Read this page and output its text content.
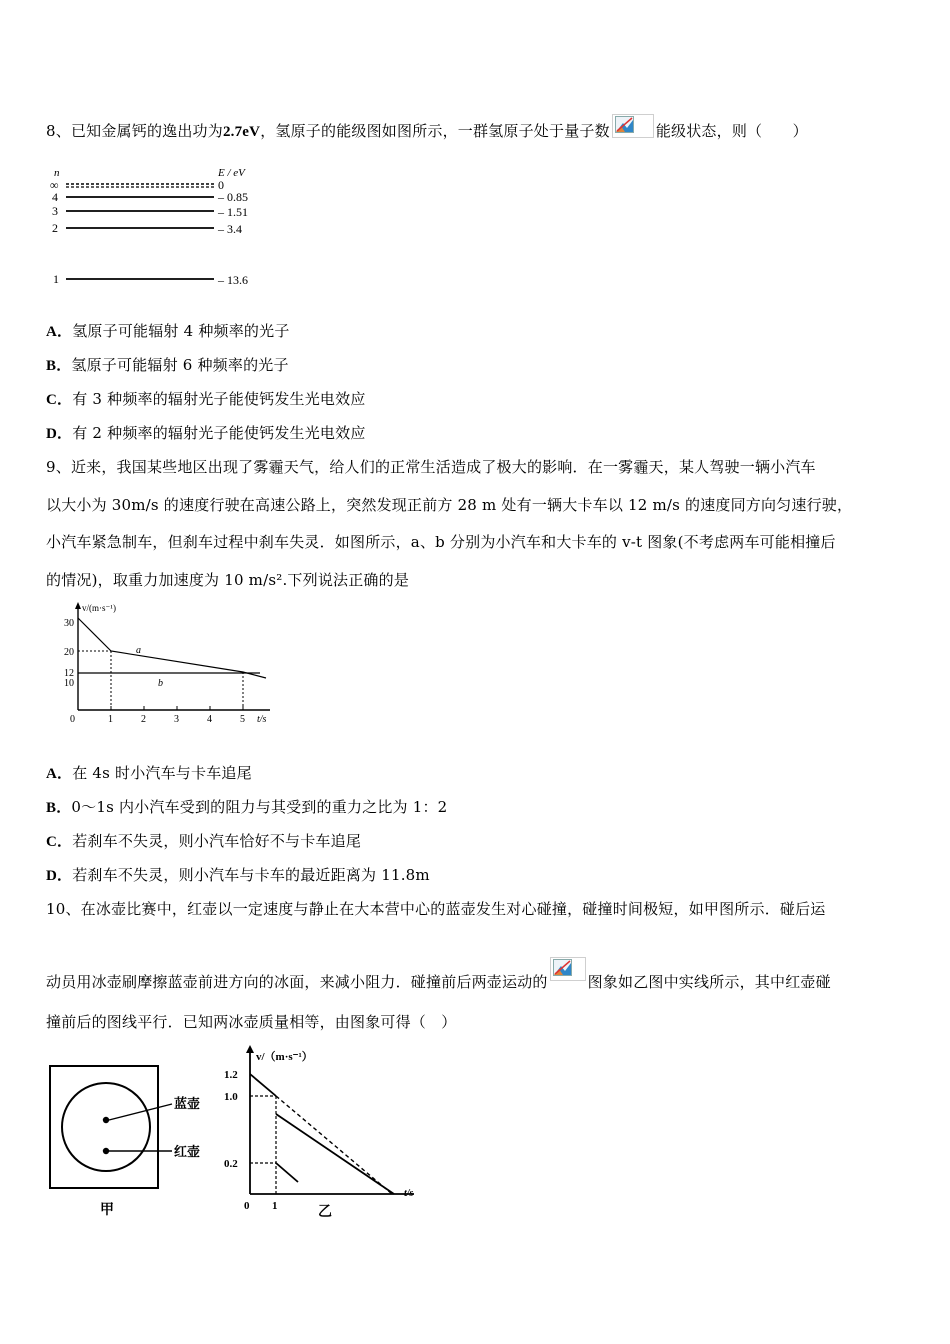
8、已知金属钙的逸出功为2.7eV，氢原子的能级图如图所示，一群氢原子处于量子数	能级状态，则（　　）
n	E / eV
∞	0
4	– 0.85
3	– 1.51
2	– 3.4
1	– 13.6
A．氢原子可能辐射 4 种频率的光子
B．氢原子可能辐射 6 种频率的光子
C．有 3 种频率的辐射光子能使钙发生光电效应
D．有 2 种频率的辐射光子能使钙发生光电效应
9、近来，我国某些地区出现了雾霾天气，给人们的正常生活造成了极大的影响．在一雾霾天，某人驾驶一辆小汽车
以大小为 30m/s 的速度行驶在高速公路上，突然发现正前方 28 m 处有一辆大卡车以 12 m/s 的速度同方向匀速行驶，
小汽车紧急制车，但刹车过程中刹车失灵．如图所示，a、b 分别为小汽车和大卡车的 v-t 图象(不考虑两车可能相撞后
的情况)，取重力加速度为 10 m/s².下列说法正确的是
v/(m·s⁻¹)
t/s
30
20
12
10
0	1	2	3	4	5
b
a
A．在 4s 时小汽车与卡车追尾
B．0～1s 内小汽车受到的阻力与其受到的重力之比为 1：2
C．若刹车不失灵，则小汽车恰好不与卡车追尾
D．若刹车不失灵，则小汽车与卡车的最近距离为 11.8m
10、在冰壶比赛中，红壶以一定速度与静止在大本营中心的蓝壶发生对心碰撞，碰撞时间极短，如甲图所示．碰后运
动员用冰壶刷摩擦蓝壶前进方向的冰面，来减小阻力．碰撞前后两壶运动的	图象如乙图中实线所示，其中红壶碰
撞前后的图线平行．已知两冰壶质量相等，由图象可得（　）
蓝壶
红壶
甲
v/（m·s⁻¹）
t/s
1.2
1.0
0.2
0 1	乙
